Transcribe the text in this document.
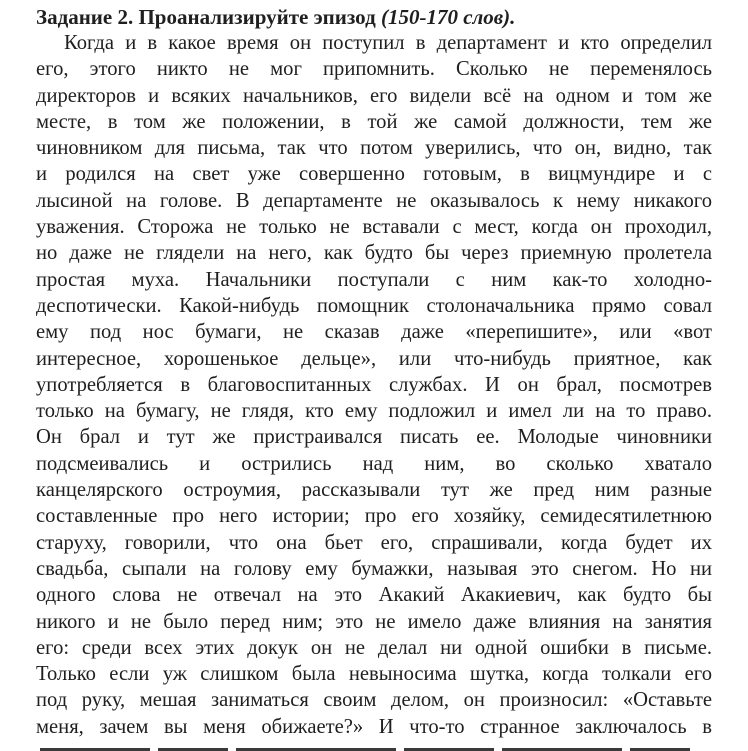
Задание 2. Проанализируйте эпизод (150-170 слов).
Когда и в какое время он поступил в департамент и кто определил
его, этого никто не мог припомнить. Сколько не переменялось
директоров и всяких начальников, его видели всё на одном и том же
месте, в том же положении, в той же самой должности, тем же
чиновником для письма, так что потом уверились, что он, видно, так
и родился на свет уже совершенно готовым, в вицмундире и с
лысиной на голове. В департаменте не оказывалось к нему никакого
уважения. Сторожа не только не вставали с мест, когда он проходил,
но даже не глядели на него, как будто бы через приемную пролетела
простая муха. Начальники поступали с ним как-то холодно-
деспотически. Какой-нибудь помощник столоначальника прямо совал
ему под нос бумаги, не сказав даже «перепишите», или «вот
интересное, хорошенькое дельце», или что-нибудь приятное, как
употребляется в благовоспитанных службах. И он брал, посмотрев
только на бумагу, не глядя, кто ему подложил и имел ли на то право.
Он брал и тут же пристраивался писать ее. Молодые чиновники
подсмеивались и острились над ним, во сколько хватало
канцелярского остроумия, рассказывали тут же пред ним разные
составленные про него истории; про его хозяйку, семидесятилетнюю
старуху, говорили, что она бьет его, спрашивали, когда будет их
свадьба, сыпали на голову ему бумажки, называя это снегом. Но ни
одного слова не отвечал на это Акакий Акакиевич, как будто бы
никого и не было перед ним; это не имело даже влияния на занятия
его: среди всех этих докук он не делал ни одной ошибки в письме.
Только если уж слишком была невыносима шутка, когда толкали его
под руку, мешая заниматься своим делом, он произносил: «Оставьте
меня, зачем вы меня обижаете?» И что-то странное заключалось в
